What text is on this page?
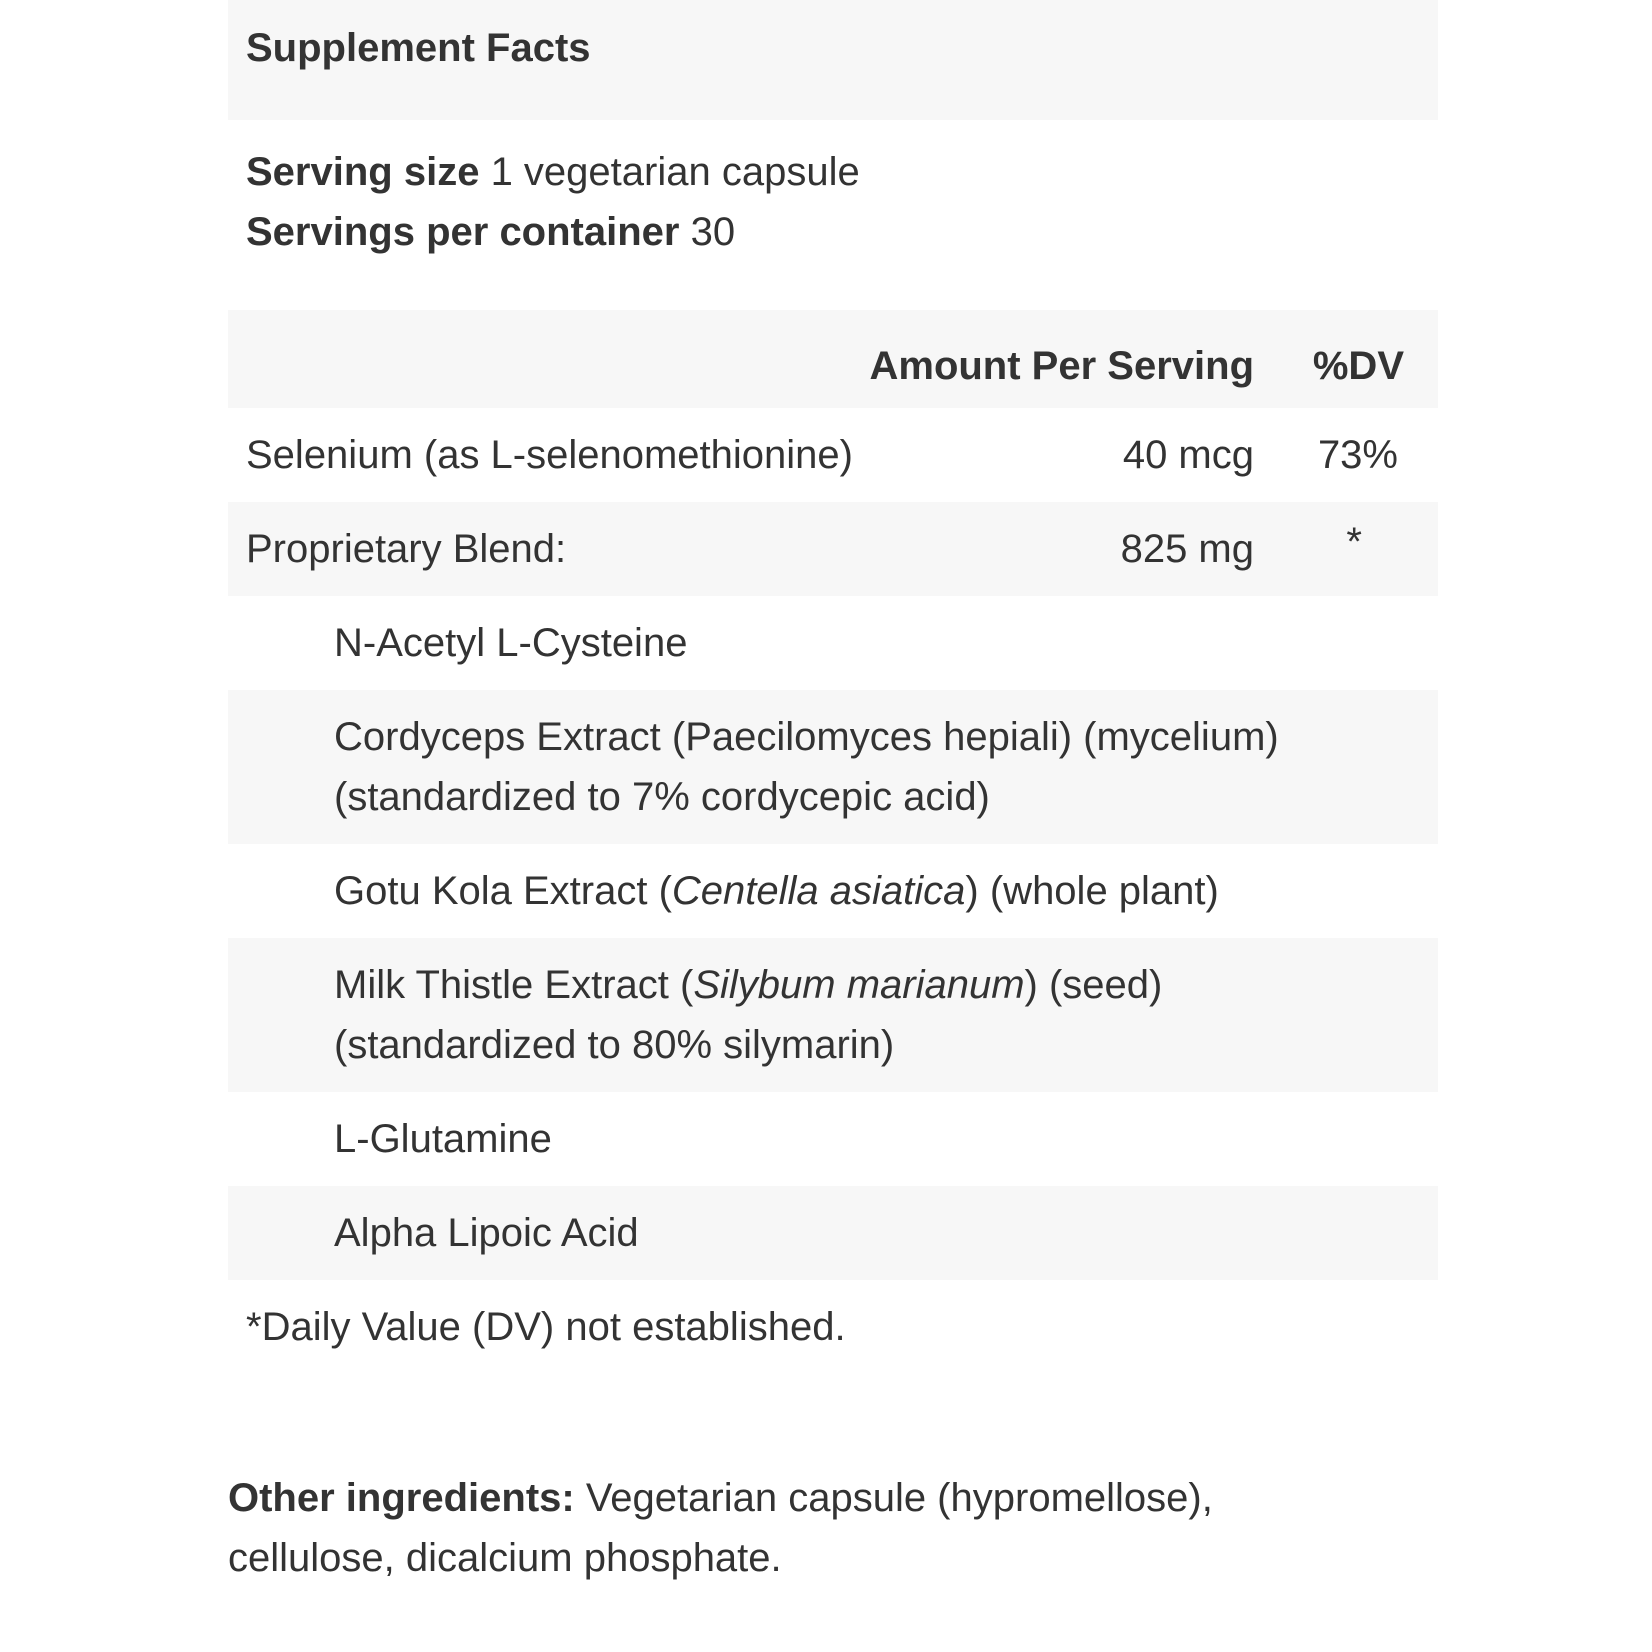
Supplement Facts
Serving size 1 vegetarian capsule
Servings per container 30
Amount Per Serving %DV
Selenium (as L-selenomethionine)	40 mcg 73%
Proprietary Blend:	825 mg *
N-Acetyl L-Cysteine
Cordyceps Extract (Paecilomyces hepiali) (mycelium)
(standardized to 7% cordycepic acid)
Gotu Kola Extract (Centella asiatica) (whole plant)
Milk Thistle Extract (Silybum marianum) (seed)
(standardized to 80% silymarin)
L-Glutamine
Alpha Lipoic Acid
*Daily Value (DV) not established.
Other ingredients: Vegetarian capsule (hypromellose),
cellulose, dicalcium phosphate.
